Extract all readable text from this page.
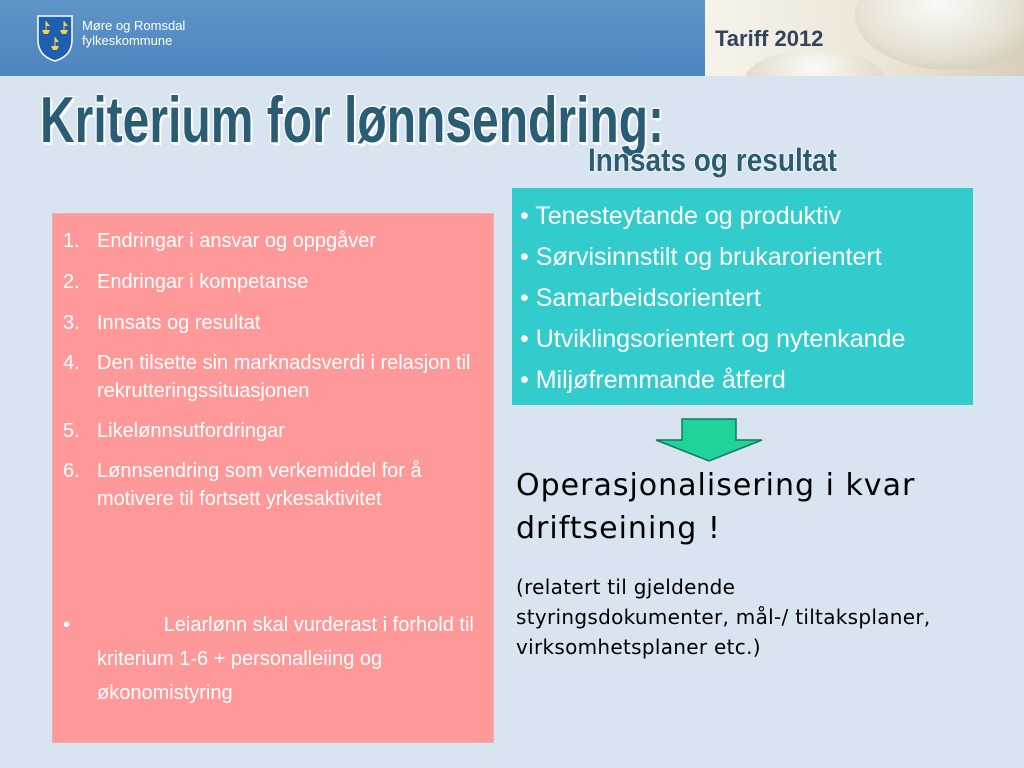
Møre og Romsdal
fylkeskommune	Tariff 2012
Kriterium for lønnsendring:
Innsats og resultat
1. Endringar i ansvar og oppgåver
2. Endringar i kompetanse
3. Innsats og resultat
4. Den tilsette sin marknadsverdi i relasjon til rekrutteringssituasjonen
5. Likelønnsutfordringar
6. Lønnsendring som verkemiddel for å motivere til fortsett yrkesaktivitet
•	Leiarlønn skal vurderast i forhold til kriterium 1-6 + personalleiing og økonomistyring
• Tenesteytande og produktiv
• Sørvisinnstilt og brukarorientert
• Samarbeidsorientert
• Utviklingsorientert og nytenkande
• Miljøfremmande åtferd
Operasjonalisering i kvar driftseining !
(relatert til gjeldende styringsdokumenter, mål-/ tiltaksplaner, virksomhetsplaner etc.)
